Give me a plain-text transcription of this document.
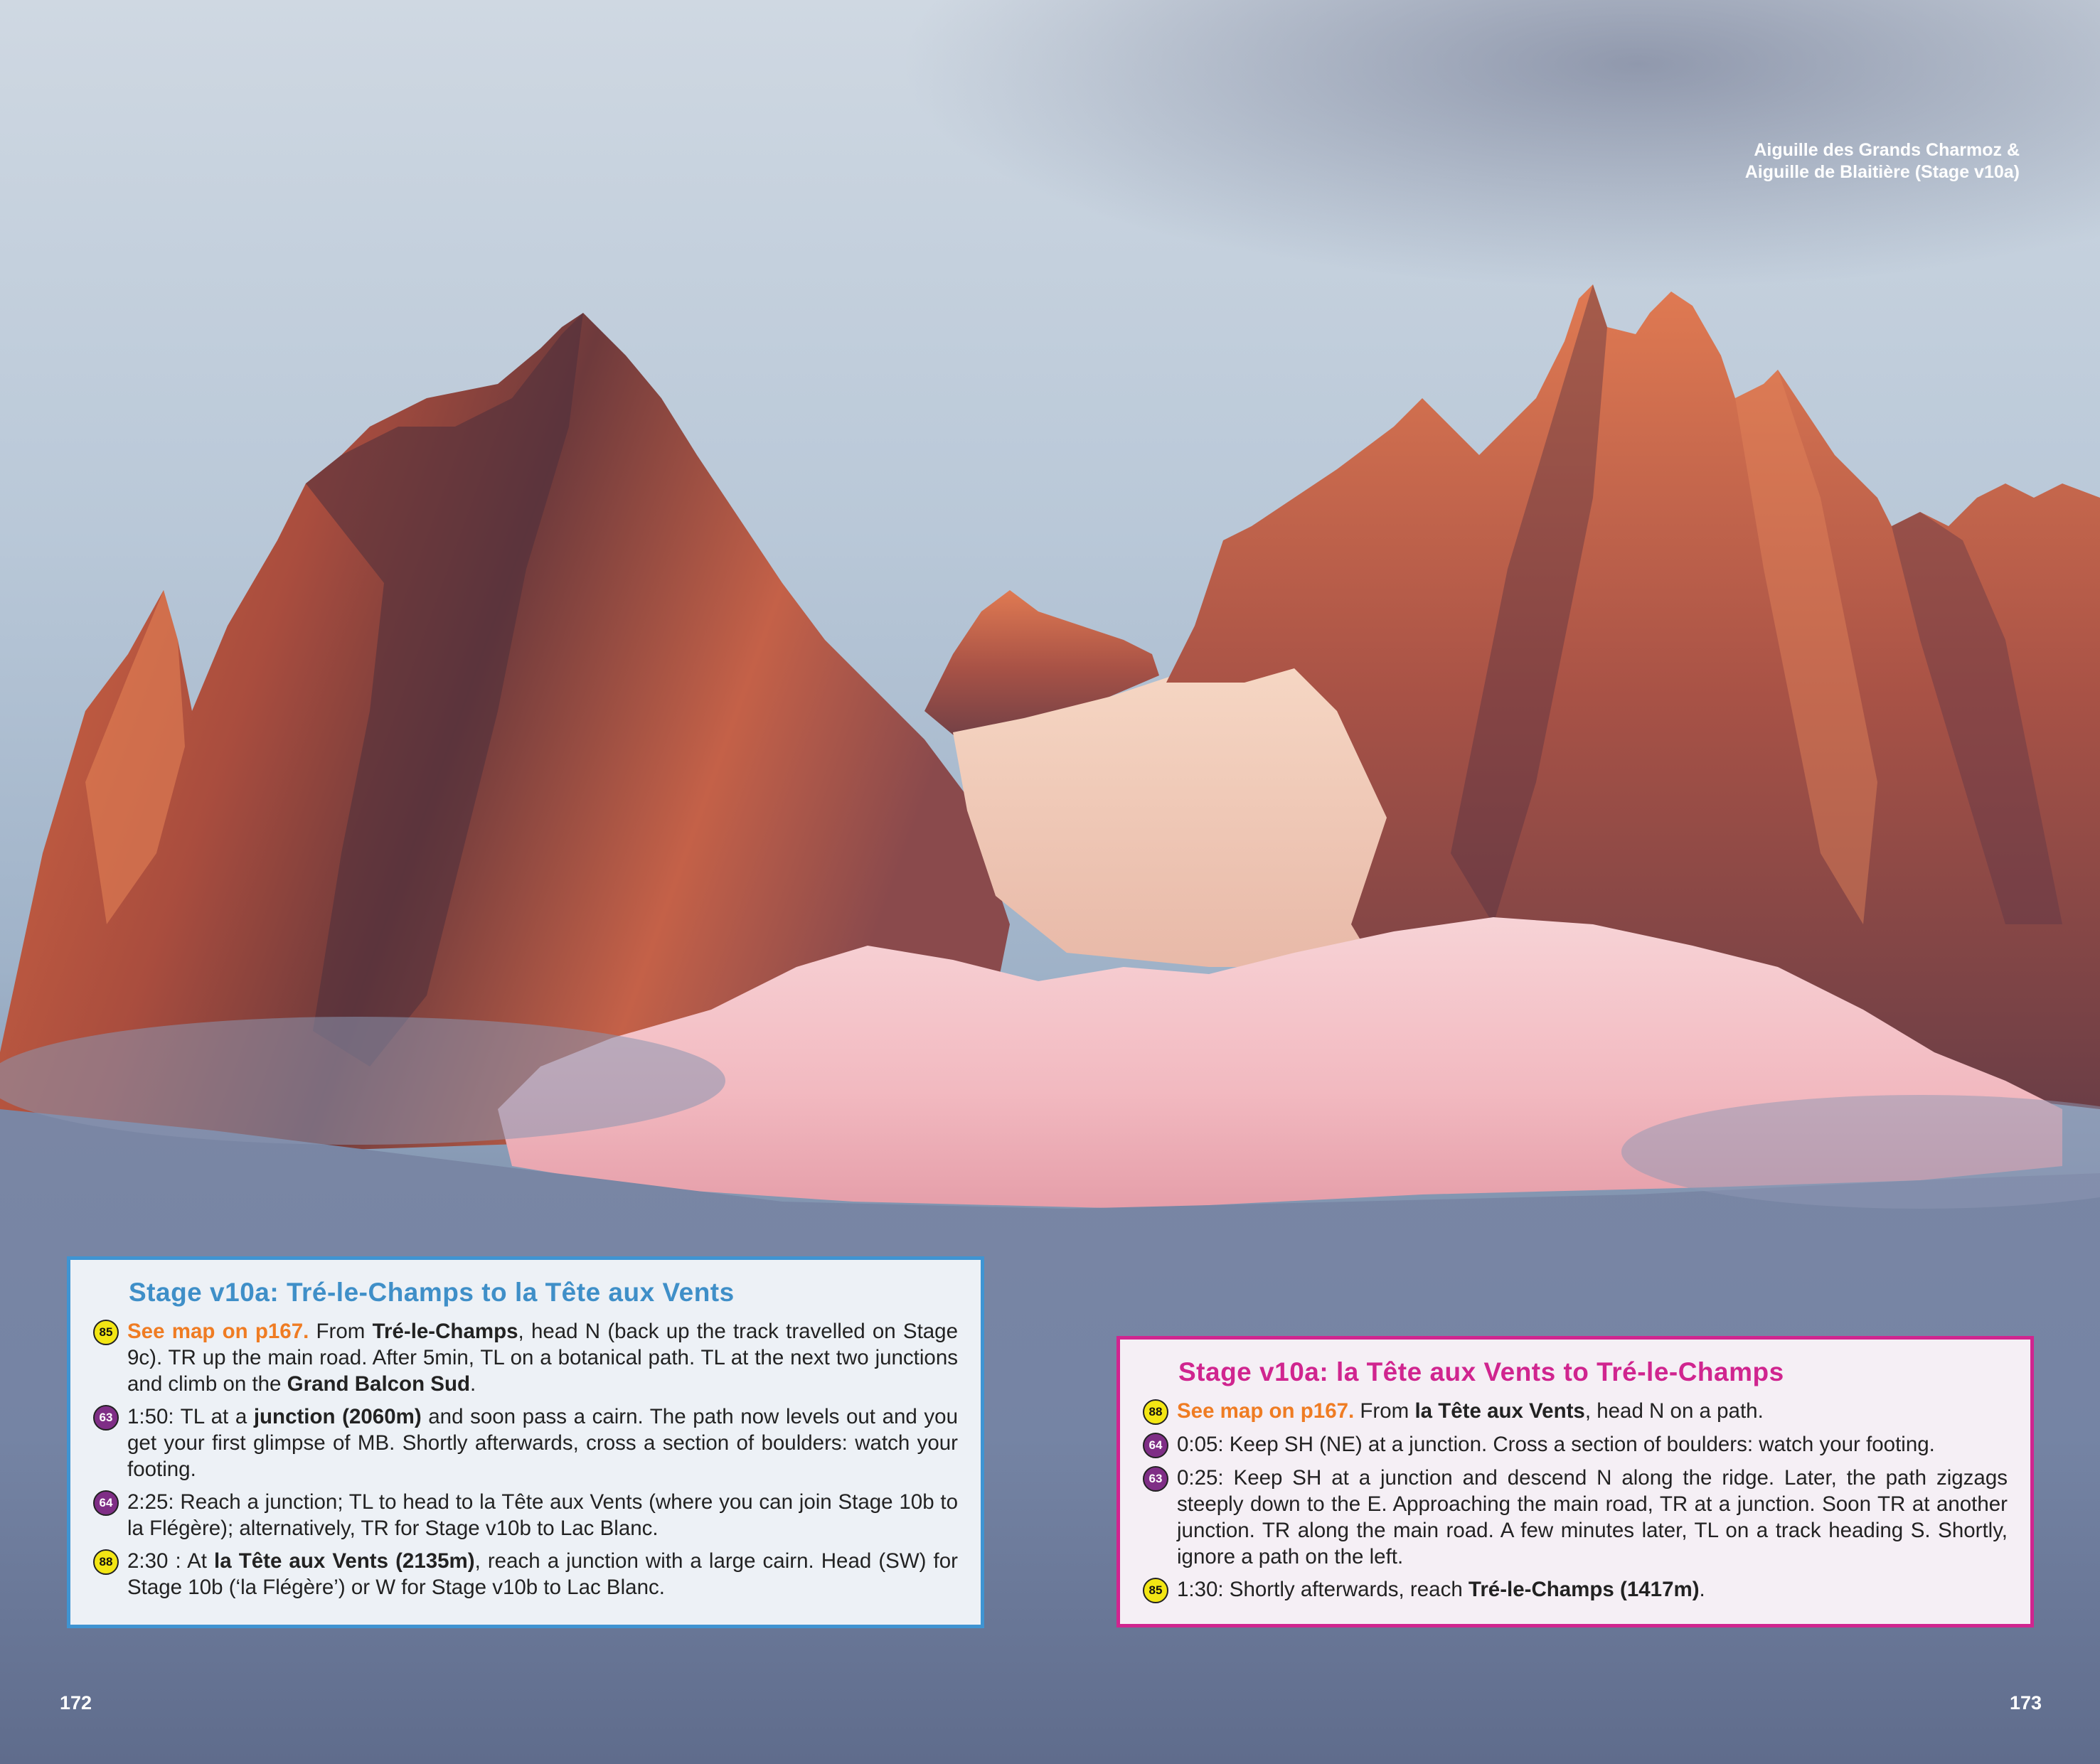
Aiguille des Grands Charmoz &
Aiguille de Blaitière (Stage v10a)
Stage v10a: Tré-le-Champs to la Tête aux Vents
85 See map on p167. From Tré-le-Champs, head N (back up the track travelled on Stage 9c). TR up the main road. After 5min, TL on a botanical path. TL at the next two junctions and climb on the Grand Balcon Sud.
63 1:50: TL at a junction (2060m) and soon pass a cairn. The path now levels out and you get your first glimpse of MB. Shortly afterwards, cross a section of boulders: watch your footing.
64 2:25: Reach a junction; TL to head to la Tête aux Vents (where you can join Stage 10b to la Flégère); alternatively, TR for Stage v10b to Lac Blanc.
88 2:30 : At la Tête aux Vents (2135m), reach a junction with a large cairn. Head (SW) for Stage 10b (‘la Flégère’) or W for Stage v10b to Lac Blanc.
Stage v10a: la Tête aux Vents to Tré-le-Champs
88 See map on p167. From la Tête aux Vents, head N on a path.
64 0:05: Keep SH (NE) at a junction. Cross a section of boulders: watch your footing.
63 0:25: Keep SH at a junction and descend N along the ridge. Later, the path zigzags steeply down to the E. Approaching the main road, TR at a junction. Soon TR at another junction. TR along the main road. A few minutes later, TL on a track heading S. Shortly, ignore a path on the left.
85 1:30: Shortly afterwards, reach Tré-le-Champs (1417m).
172	173
